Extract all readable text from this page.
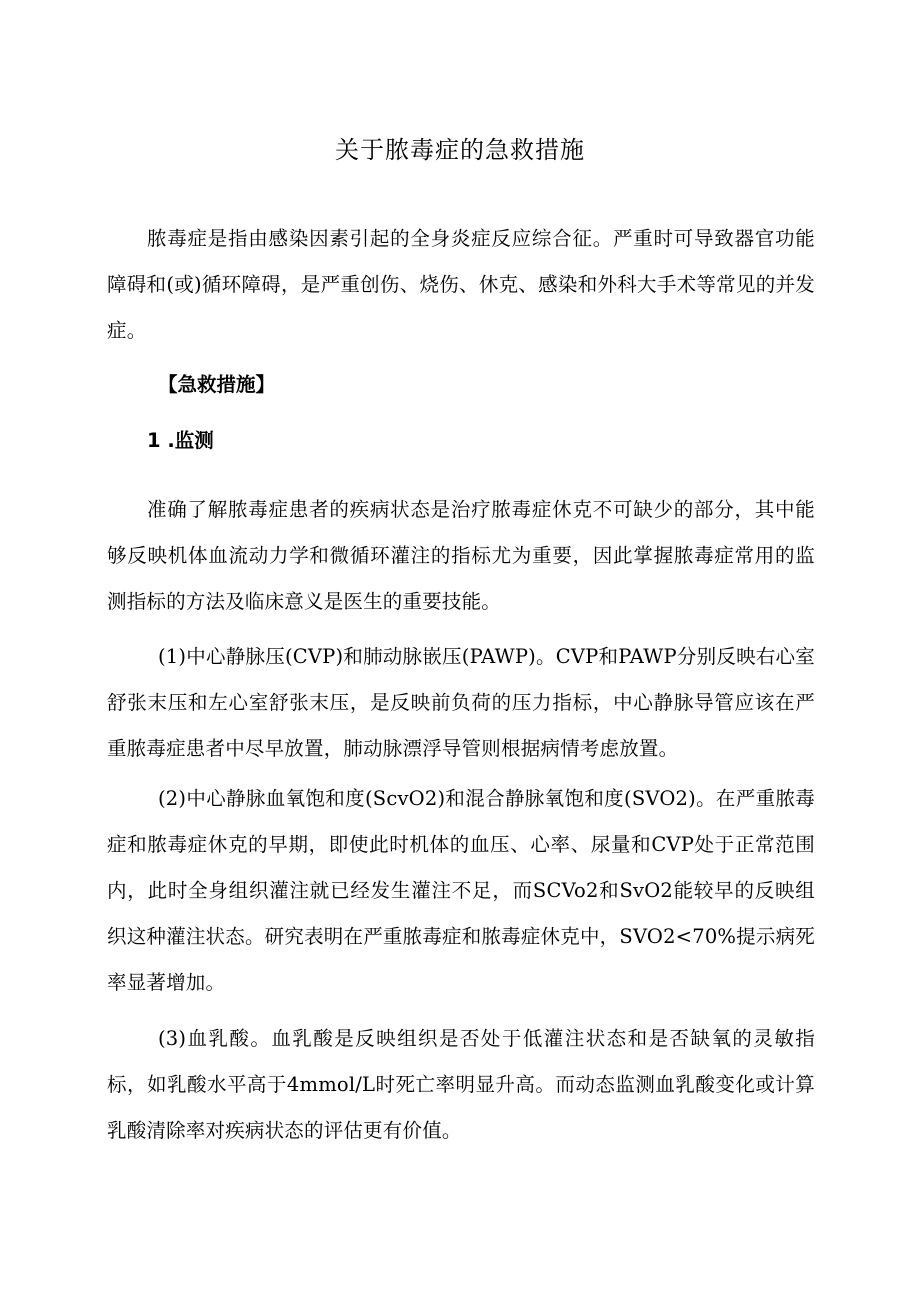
关于脓毒症的急救措施

脓毒症是指由感染因素引起的全身炎症反应综合征。严重时可导致器官功能障碍和(或)循环障碍，是严重创伤、烧伤、休克、感染和外科大手术等常见的并发症。

【急救措施】

1 .监测

准确了解脓毒症患者的疾病状态是治疗脓毒症休克不可缺少的部分，其中能够反映机体血流动力学和微循环灌注的指标尤为重要，因此掌握脓毒症常用的监测指标的方法及临床意义是医生的重要技能。

(1)中心静脉压(CVP)和肺动脉嵌压(PAWP)。CVP和PAWP分别反映右心室舒张末压和左心室舒张末压，是反映前负荷的压力指标，中心静脉导管应该在严重脓毒症患者中尽早放置，肺动脉漂浮导管则根据病情考虑放置。

(2)中心静脉血氧饱和度(ScvO2)和混合静脉氧饱和度(SVO2)。在严重脓毒症和脓毒症休克的早期，即使此时机体的血压、心率、尿量和CVP处于正常范围内，此时全身组织灌注就已经发生灌注不足，而SCVo2和SvO2能较早的反映组织这种灌注状态。研究表明在严重脓毒症和脓毒症休克中，SVO2<70%提示病死率显著增加。

(3)血乳酸。血乳酸是反映组织是否处于低灌注状态和是否缺氧的灵敏指标，如乳酸水平高于4mmol/L时死亡率明显升高。而动态监测血乳酸变化或计算乳酸清除率对疾病状态的评估更有价值。
